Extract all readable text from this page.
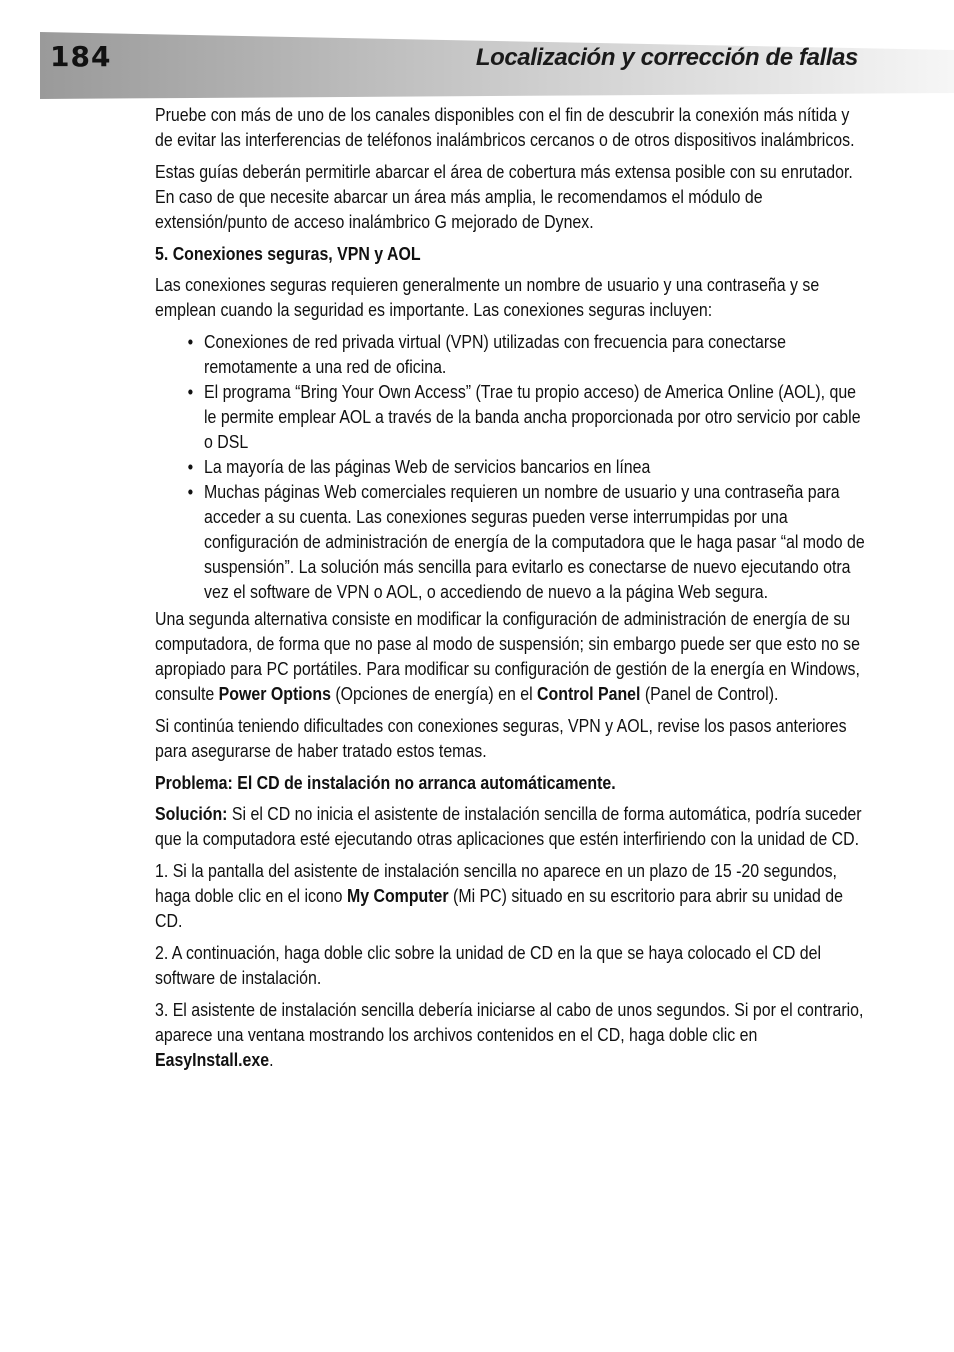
184	Localización y corrección de fallas

Pruebe con más de uno de los canales disponibles con el fin de descubrir la conexión más nítida y de evitar las interferencias de teléfonos inalámbricos cercanos o de otros dispositivos inalámbricos.

Estas guías deberán permitirle abarcar el área de cobertura más extensa posible con su enrutador. En caso de que necesite abarcar un área más amplia, le recomendamos el módulo de extensión/punto de acceso inalámbrico G mejorado de Dynex.

5. Conexiones seguras, VPN y AOL

Las conexiones seguras requieren generalmente un nombre de usuario y una contraseña y se emplean cuando la seguridad es importante. Las conexiones seguras incluyen:

• Conexiones de red privada virtual (VPN) utilizadas con frecuencia para conectarse remotamente a una red de oficina.
• El programa “Bring Your Own Access” (Trae tu propio acceso) de America Online (AOL), que le permite emplear AOL a través de la banda ancha proporcionada por otro servicio por cable o DSL
• La mayoría de las páginas Web de servicios bancarios en línea
• Muchas páginas Web comerciales requieren un nombre de usuario y una contraseña para acceder a su cuenta. Las conexiones seguras pueden verse interrumpidas por una configuración de administración de energía de la computadora que le haga pasar “al modo de suspensión”. La solución más sencilla para evitarlo es conectarse de nuevo ejecutando otra vez el software de VPN o AOL, o accediendo de nuevo a la página Web segura.

Una segunda alternativa consiste en modificar la configuración de administración de energía de su computadora, de forma que no pase al modo de suspensión; sin embargo puede ser que esto no se apropiado para PC portátiles. Para modificar su configuración de gestión de la energía en Windows, consulte Power Options (Opciones de energía) en el Control Panel (Panel de Control).

Si continúa teniendo dificultades con conexiones seguras, VPN y AOL, revise los pasos anteriores para asegurarse de haber tratado estos temas.

Problema: El CD de instalación no arranca automáticamente.

Solución: Si el CD no inicia el asistente de instalación sencilla de forma automática, podría suceder que la computadora esté ejecutando otras aplicaciones que estén interfiriendo con la unidad de CD.

1. Si la pantalla del asistente de instalación sencilla no aparece en un plazo de 15 -20 segundos, haga doble clic en el icono My Computer (Mi PC) situado en su escritorio para abrir su unidad de CD.

2. A continuación, haga doble clic sobre la unidad de CD en la que se haya colocado el CD del software de instalación.

3. El asistente de instalación sencilla debería iniciarse al cabo de unos segundos. Si por el contrario, aparece una ventana mostrando los archivos contenidos en el CD, haga doble clic en EasyInstall.exe.
